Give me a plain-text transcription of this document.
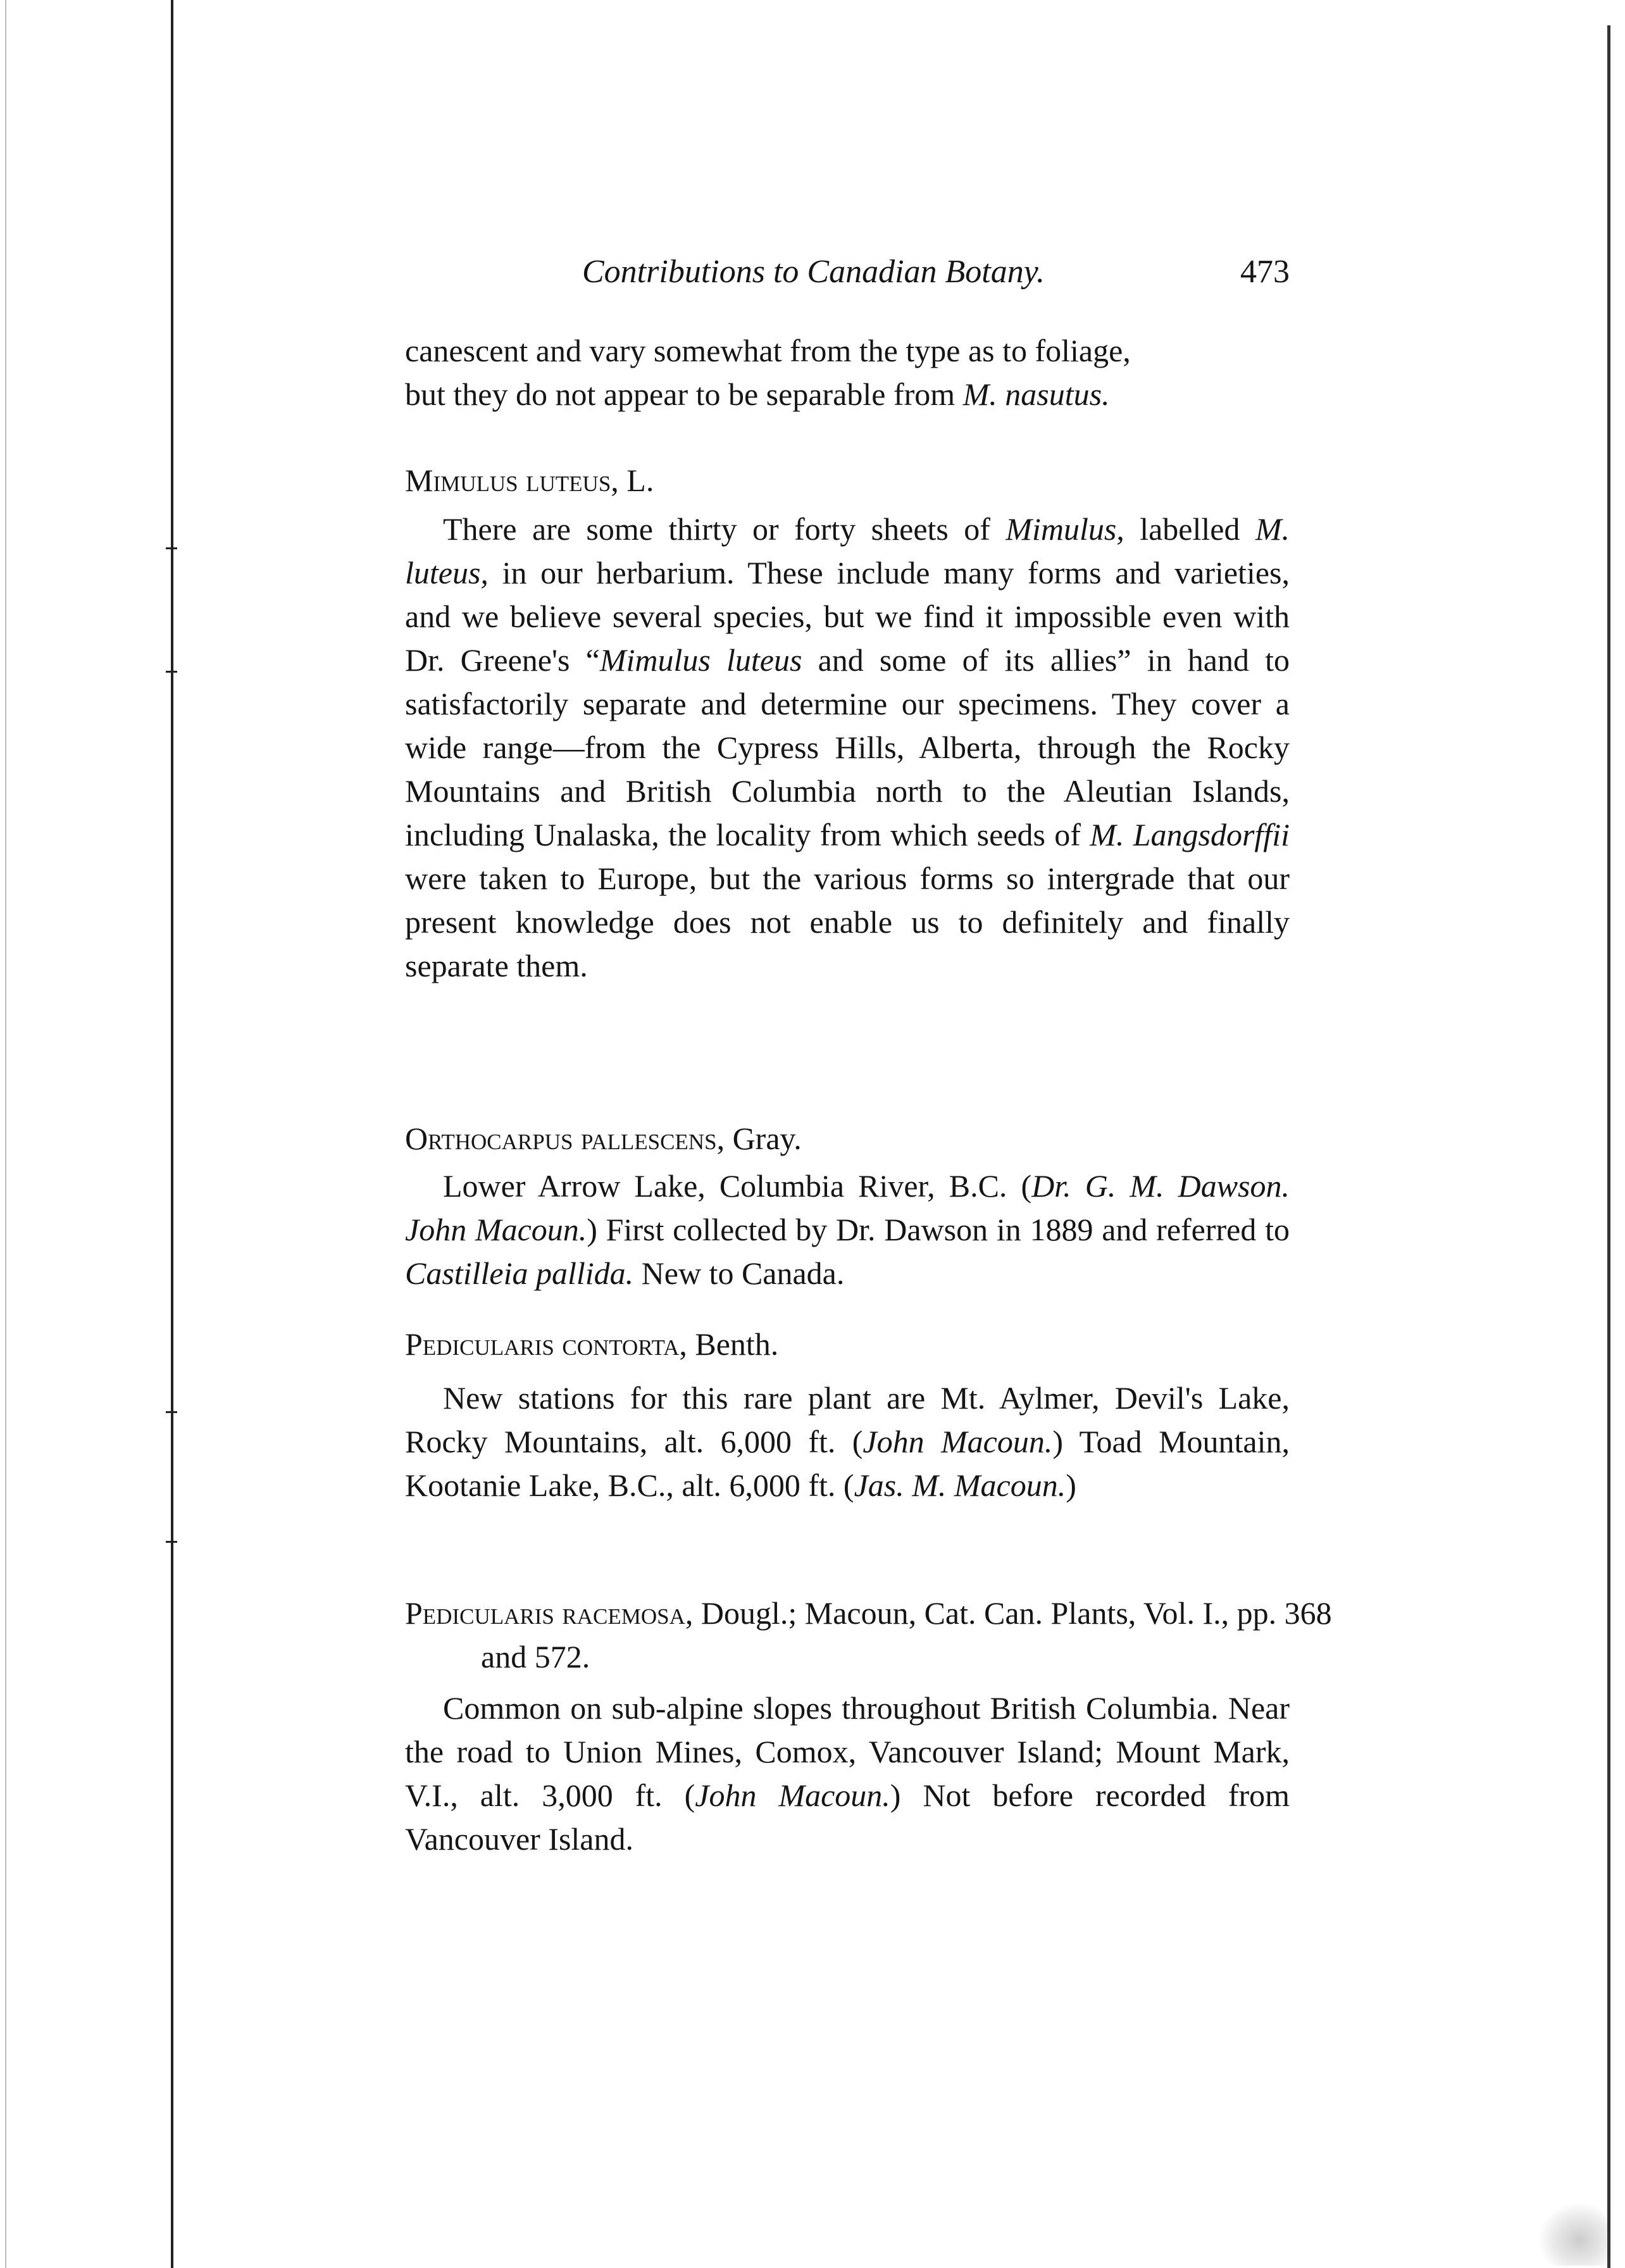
Contributions to Canadian Botany.	473

canescent and vary somewhat from the type as to foliage,
but they do not appear to be separable from M. nasutus.

Mimulus luteus, L.

There are some thirty or forty sheets of Mimulus, labelled M. luteus, in our herbarium. These include many forms and varieties, and we believe several species, but we find it impossible even with Dr. Greene's “Mimulus luteus and some of its allies” in hand to satisfactorily separate and determine our specimens. They cover a wide range—from the Cypress Hills, Alberta, through the Rocky Mountains and British Columbia north to the Aleutian Islands, including Unalaska, the locality from which seeds of M. Langsdorffii were taken to Europe, but the various forms so intergrade that our present knowledge does not enable us to definitely and finally separate them.

Orthocarpus pallescens, Gray.

Lower Arrow Lake, Columbia River, B.C. (Dr. G. M. Dawson. John Macoun.) First collected by Dr. Dawson in 1889 and referred to Castilleia pallida. New to Canada.

Pedicularis contorta, Benth.

New stations for this rare plant are Mt. Aylmer, Devil's Lake, Rocky Mountains, alt. 6,000 ft. (John Macoun.) Toad Mountain, Kootanie Lake, B.C., alt. 6,000 ft. (Jas. M. Macoun.)

Pedicularis racemosa, Dougl.; Macoun, Cat. Can. Plants, Vol. I., pp. 368 and 572.

Common on sub-alpine slopes throughout British Columbia. Near the road to Union Mines, Comox, Vancouver Island; Mount Mark, V.I., alt. 3,000 ft. (John Macoun.) Not before recorded from Vancouver Island.
